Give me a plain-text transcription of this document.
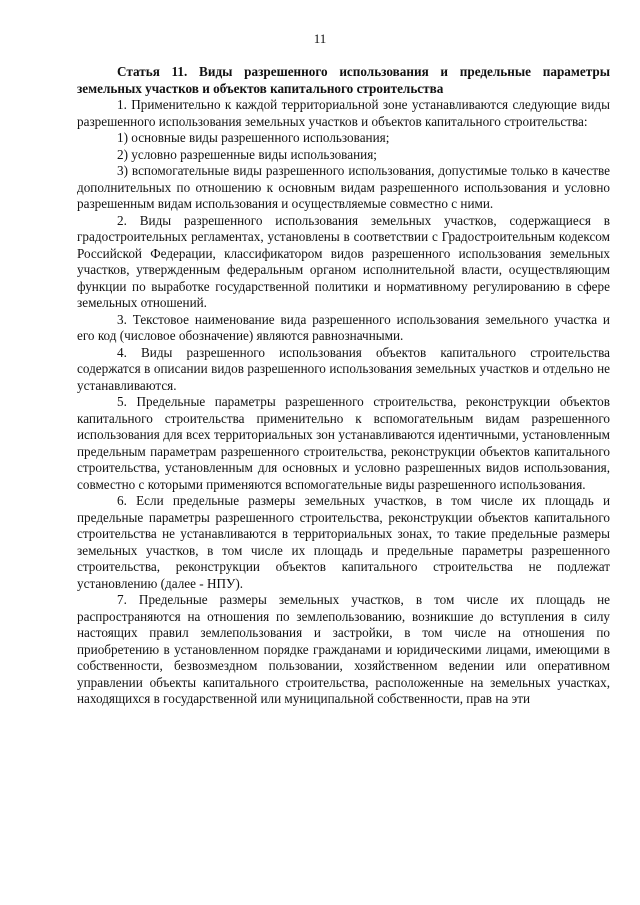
11

Статья 11. Виды разрешенного использования и предельные параметры земельных участков и объектов капитального строительства

1. Применительно к каждой территориальной зоне устанавливаются следующие виды разрешенного использования земельных участков и объектов капитального строительства:

1) основные виды разрешенного использования;

2) условно разрешенные виды использования;

3) вспомогательные виды разрешенного использования, допустимые только в качестве дополнительных по отношению к основным видам разрешенного использования и условно разрешенным видам использования и осуществляемые совместно с ними.

2. Виды разрешенного использования земельных участков, содержащиеся в градостроительных регламентах, установлены в соответствии с Градостроительным кодексом Российской Федерации, классификатором видов разрешенного использования земельных участков, утвержденным федеральным органом исполнительной власти, осуществляющим функции по выработке государственной политики и нормативному регулированию в сфере земельных отношений.

3. Текстовое наименование вида разрешенного использования земельного участка и его код (числовое обозначение) являются равнозначными.

4. Виды разрешенного использования объектов капитального строительства содержатся в описании видов разрешенного использования земельных участков и отдельно не устанавливаются.

5. Предельные параметры разрешенного строительства, реконструкции объектов капитального строительства применительно к вспомогательным видам разрешенного использования для всех территориальных зон устанавливаются идентичными, установленным предельным параметрам разрешенного строительства, реконструкции объектов капитального строительства, установленным для основных и условно разрешенных видов использования, совместно с которыми применяются вспомогательные виды разрешенного использования.

6. Если предельные размеры земельных участков, в том числе их площадь и предельные параметры разрешенного строительства, реконструкции объектов капитального строительства не устанавливаются в территориальных зонах, то такие предельные размеры земельных участков, в том числе их площадь и предельные параметры разрешенного строительства, реконструкции объектов капитального строительства не подлежат установлению (далее - НПУ).

7. Предельные размеры земельных участков, в том числе их площадь не распространяются на отношения по землепользованию, возникшие до вступления в силу настоящих правил землепользования и застройки, в том числе на отношения по приобретению в установленном порядке гражданами и юридическими лицами, имеющими в собственности, безвозмездном пользовании, хозяйственном ведении или оперативном управлении объекты капитального строительства, расположенные на земельных участках, находящихся в государственной или муниципальной собственности, прав на эти
